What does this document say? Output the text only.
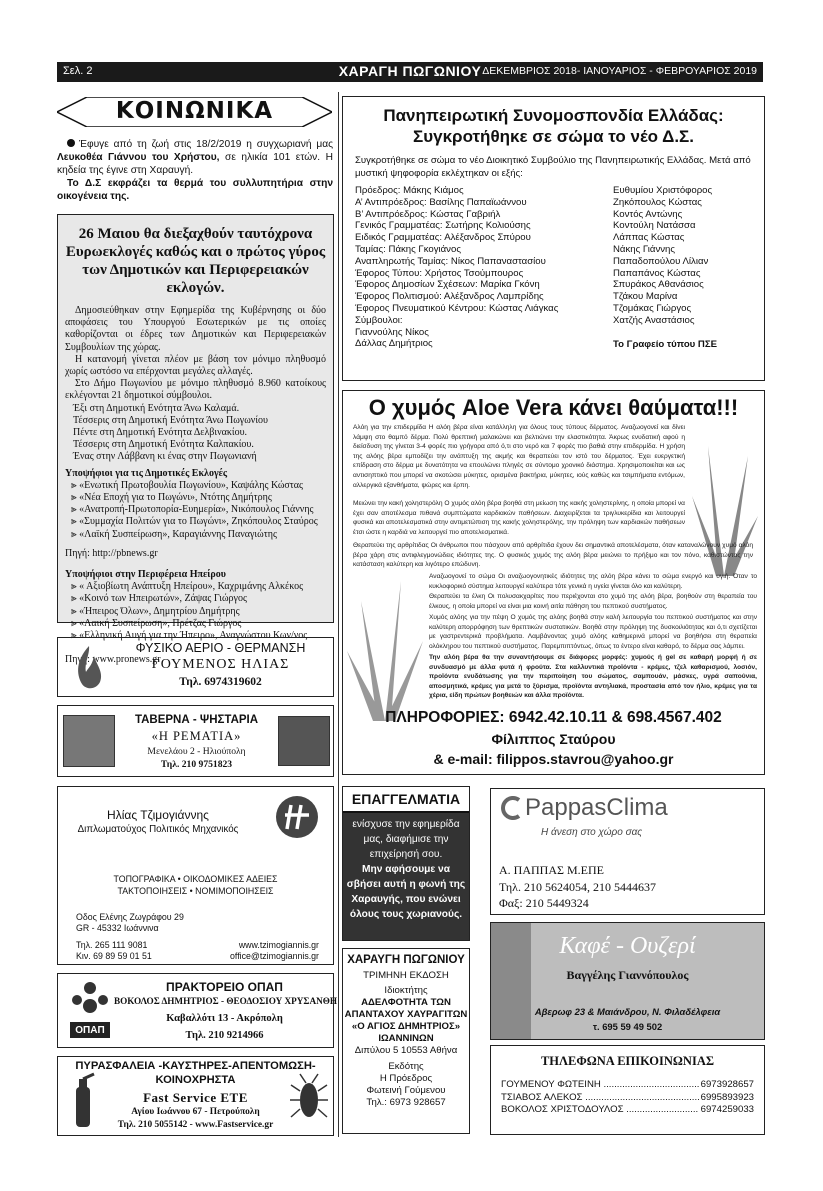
Σελ. 2	ΧΑΡΑΓΗ ΠΩΓΩΝΙΟΥ ΔΕΚΕΜΒΡΙΟΣ 2018- ΙΑΝΟΥΑΡΙΟΣ - ΦΕΒΡΟΥΑΡΙΟΣ 2019
ΚΟΙΝΩΝΙΚΑ

Έφυγε από τη ζωή στις 18/2/2019 η συγχωριανή μας Λευκοθέα Γιάννου του Χρήστου, σε ηλικία 101 ετών. Η κηδεία της έγινε στη Χαραυγή.

Το Δ.Σ εκφράζει τα θερμά του συλλυπητήρια στην οικογένεια της.

26 Μαιου θα διεξαχθούν ταυτόχρονα Ευρωεκλογές καθώς και ο πρώτος γύρος των Δημοτικών και Περιφερειακών εκλογών.

Δημοσιεύθηκαν στην Εφημερίδα της Κυβέρνησης οι δύο αποφάσεις του Υπουργού Εσωτερικών με τις οποίες καθορίζονται οι έδρες των Δημοτικών και Περιφερειακών Συμβουλίων της χώρας.

Η κατανομή γίνεται πλέον με βάση τον μόνιμο πληθυσμό χωρίς ωστόσο να επέρχονται μεγάλες αλλαγές.

Στο Δήμο Πωγωνίου με μόνιμο πληθυσμό 8.960 κατοίκους εκλέγονται 21 δημοτικοί σύμβουλοι.

Έξι στη Δημοτική Ενότητα Άνω Καλαμά.
Τέσσερις στη Δημοτική Ενότητα Άνω Πωγωνίου
Πέντε στη Δημοτική Ενότητα Δελβινακίου.
Τέσσερις στη Δημοτική Ενότητα Καλπακίου.
Ένας στην Λάββανη κι ένας στην Πωγωνιανή
Υποψήφιοι για τις Δημοτικές Εκλογές
⫸ «Ενωτική Πρωτοβουλία Πωγωνίου», Καψάλης Κώστας
⫸ «Νέα Εποχή για το Πωγώνι», Ντότης Δημήτρης
⫸ «Ανατροπή-Πρωτοπορία-Ευημερία», Νικόπουλος Γιάννης
⫸ «Συμμαχία Πολιτών για το Πωγώνι», Ζηκόπουλος Σταύρος
⫸ «Λαϊκή Συσπείρωση», Καραγιάννης Παναγιώτης
Πηγή: http://pbnews.gr
Υποψήφιοι στην Περιφέρεια Ηπείρου
⫸ « Αξιοβίωτη Ανάπτυξη Ηπείρου», Καχριμάνης Αλκέκος
⫸ «Κοινό των Ηπειρωτών», Ζάψας Γιώργος
⫸ «Ήπειρος Όλων», Δημητρίου Δημήτρης
⫸ «Λαική Συσπείρωση», Πρέτζας Γιώργος
⫸ «Ελληνική Αυγή για την Ήπειρο», Αναγνώστου Κων/νος
Πηγή: www.pronews.gr
ΦΥΣΙΚΟ ΑΕΡΙΟ - ΘΕΡΜΑΝΣΗ
ΓΟΥΜΕΝΟΣ ΗΛΙΑΣ
Τηλ. 6974319602
ΤΑΒΕΡΝΑ - ΨΗΣΤΑΡΙΑ
«Η ΡΕΜΑΤΙΑ»
Μενελάου 2 - Ηλιούπολη
Τηλ. 210 9751823
Ηλίας Τζιμογιάννης
Διπλωματούχος Πολιτικός Μηχανικός
ΤΟΠΟΓΡΑΦΙΚΑ • ΟΙΚΟΔΟΜΙΚΕΣ ΑΔΕΙΕΣ
ΤΑΚΤΟΠΟΙΗΣΕΙΣ • ΝΟΜΙΜΟΠΟΙΗΣΕΙΣ
Οδος Ελένης Ζωγράφου 29
GR - 45332 Ιωάννινα
Τηλ. 265 111 9081
Κιν. 69 89 59 01 51
www.tzimogiannis.gr
office@tzimogiannis.gr
ΟΠΑΠ
ΠΡΑΚΤΟΡΕΙΟ ΟΠΑΠ
ΒΟΚΟΛΟΣ ΔΗΜΗΤΡΙΟΣ - ΘΕΟΔΟΣΙΟΥ ΧΡΥΣΑΝΘΗ
Καβαλλότι 13 - Ακρόπολη
Τηλ. 210 9214966
ΠΥΡΑΣΦΑΛΕΙΑ -ΚΑΥΣΤΗΡΕΣ-ΑΠΕΝΤΟΜΩΣΗ-
ΚΟΙΝΟΧΡΗΣΤΑ
Fast Service ΕΤΕ
Αγίου Ιωάννου 67 - Πετρούπολη
Τηλ. 210 5055142 - www.Fastservice.gr
Πανηπειρωτική Συνομοσπονδία Ελλάδας: Συγκροτήθηκε σε σώμα το νέο Δ.Σ.
Συγκροτήθηκε σε σώμα το νέο Διοικητικό Συμβούλιο της Πανηπειρωτικής Ελλάδας. Μετά από μυστική ψηφοφορία εκλέχτηκαν οι εξής:
Πρόεδρος: Μάκης Κιάμος
Α’ Αντιπρόεδρος: Βασίλης Παπαϊωάννου
Β’ Αντιπρόεδρος: Κώστας Γαβριήλ
Γενικός Γραμματέας: Σωτήρης Κολιούσης
Ειδικός Γραμματέας: Αλέξανδρος Σπύρου
Ταμίας: Πάκης Γκογιάνος
Αναπληρωτής Ταμίας: Νίκος Παπαναστασίου
Έφορος Τύπου: Χρήστος Τσούμπουρος
Έφορος Δημοσίων Σχέσεων: Μαρίκα Γκόνη
Έφορος Πολιτισμού: Αλέξανδρος Λαμπρίδης
Έφορος Πνευματικού Κέντρου: Κώστας Λιάγκας
Σύμβουλοι:
Γιαννούλης Νίκος
Δάλλας Δημήτριος
Ευθυμίου Χριστόφορος
Ζηκόπουλος Κώστας
Κοντός Αντώνης
Κοντούλη Νατάσσα
Λάππας Κώστας
Νάκης Γιάννης
Παπαδοπούλου Λίλιαν
Παπαπάνος Κώστας
Σπυράκος Αθανάσιος
Τζάκου Μαρίνα
Τζομάκας Γιώργος
Χατζής Αναστάσιος
Το Γραφείο τύπου ΠΣΕ
Ο χυμός Aloe Vera κάνει θαύματα!!!
Αλόη για την επιδερμίδα Η αλόη βέρα είναι κατάλληλη για όλους τους τύπους δέρματος. Αναζωογονεί και δίνει λάμψη στο θαμπό δέρμα. Πολύ θρεπτική μαλακώνει και βελτιώνει την ελαστικότητα. Άκρως ενυδατική αφού η διείσδυση της γίνεται 3-4 φορές πιο γρήγορα από ό,τι στο νερό και 7 φορές πιο βαθιά στην επιδερμίδα. Η χρήση της αλόης βέρα εμποδίζει την ανάπτυξη της ακμής και θεραπεύει τον ιστό του δέρματος. Έχει ευεργετική επίδραση στο δέρμα με δυνατότητα να επουλώνει πληγές σε σύντομο χρονικό διάστημα. Χρησιμοποιείται και ως αντισηπτικό που μπορεί να σκοτώσει μύκητες, ορισμένα βακτήρια, μύκητες, ιούς καθώς και τσιμπήματα εντόμων, αλλεργικά εξανθήματα, ψώρες και έρπη.
Μειώνει την κακή χοληστερόλη Ο χυμός αλόη βέρα βοηθά στη μείωση της κακής χοληστερίνης, η οποία μπορεί να έχει σαν αποτέλεσμα πιθανά συμπτώματα καρδιακών παθήσεων. Διαχειρίζεται τα τριγλυκερίδια και λειτουργεί φυσικά και αποτελεσματικά στην αντιμετώπιση της κακής χοληστερόλης, την πρόληψη των καρδιακών παθήσεων έτσι ώστε η καρδιά να λειτουργεί πιο αποτελεσματικά.
Θεραπεύει της αρθρίτιδας Οι άνθρωποι που πάσχουν από αρθρίτιδα έχουν δει σημαντικά αποτελέσματα, όταν καταναλώνουν χυμό αλόη βέρα χάρη στις αντιφλεγμονώδεις ιδιότητες της. Ο φυσικός χυμός της αλόη βέρα μειώνει το πρήξιμο και τον πόνο, καθιστώντας την κατάσταση καλύτερη και λιγότερο επώδυνη.
Αναζωογονεί το σώμα Οι αναζωογονητικές ιδιότητες της αλόη βέρα κάνει το σώμα ενεργό και υγιή. Όταν το κυκλοφορικό σύστημα λειτουργεί καλύτερα τότε γενικά η υγεία γίνεται όλο και καλύτερη.
Θεραπεύει τα έλκη Οι πολυσακχαρίτες που περιέχονται στο χυμό της αλόη βέρα, βοηθούν στη θεραπεία του έλκους, η οποία μπορεί να είναι μια κοινή αιτία πάθηση του πεπτικού συστήματος.
Χυμός αλόης για την πέψη Ο χυμός της αλόης βοηθά στην καλή λειτουργία του πεπτικού συστήματος και στην καλύτερη απορρόφηση των θρεπτικών συστατικών. Βοηθά στην πρόληψη της δυσκοιλιότητας και ό,τι σχετίζεται με γαστρεντερικά προβλήματα. Λαμβάνοντας χυμό αλόης καθημερινά μπορεί να βοηθήσει στη θεραπεία ολόκληρου του πεπτικού συστήματος. Παρεμπιπτόντως, όπως το έντερο είναι καθαρό, το δέρμα σας λάμπει.
Την αλόη βέρα θα την συναντήσουμε σε διάφορες μορφές: χυμούς ή gel σε καθαρή μορφή ή σε συνδυασμό με άλλα φυτά ή φρούτα. Στα καλλυντικά προϊόντα - κρέμες, τζελ καθαρισμού, λοσιόν, προϊόντα ενυδάτωσης για την περιποίηση του σώματος, σαμπουάν, μάσκες, υγρά σαπούνια, αποσμητικά, κρέμες για μετά το ξύρισμα, προϊόντα αντηλιακά, προστασία από τον ήλιο, κρέμες για τα χέρια, είδη πρώτων βοηθειών και άλλα προϊόντα.
ΠΛΗΡΟΦΟΡΙΕΣ: 6942.42.10.11 & 698.4567.402
Φίλιππος Σταύρου
& e-mail: filippos.stavrou@yahoo.gr
ΕΠΑΓΓΕΛΜΑΤΙΑ
ενίσχυσε την εφημερίδα μας, διαφήμισε την επιχείρησή σου.
Μην αφήσουμε να σβήσει αυτή η φωνή της Χαραυγής, που ενώνει όλους τους χωριανούς.
ΧΑΡΑΥΓΗ ΠΩΓΩΝΙΟΥ
ΤΡΙΜΗΝΗ ΕΚΔΟΣΗ
Ιδιοκτήτης
ΑΔΕΛΦΟΤΗΤΑ ΤΩΝ ΑΠΑΝΤΑΧΟΥ ΧΑΥΡΑΓΙΤΩΝ «Ο ΑΓΙΟΣ ΔΗΜΗΤΡΙΟΣ» ΙΩΑΝΝΙΝΩΝ
Διπύλου 5 10553 Αθήνα
Εκδότης
Η Πρόεδρος
Φωτεινή Γούμενου
Τηλ.: 6973 928657
PappasClima
Η άνεση στο χώρο σας
Α. ΠΑΠΠΑΣ Μ.ΕΠΕ
Τηλ. 210 5624054, 210 5444637
Φαξ: 210 5449324
Καφέ - Ουζερί
Βαγγέλης Γιαννόπουλος
Αβερωφ 23 & Μαιάνδρου, Ν. Φιλαδέλφεια
τ. 695 59 49 502
ΤΗΛΕΦΩΝΑ ΕΠΙΚΟΙΝΩΝΙΑΣ
ΓΟΥΜΕΝΟΥ ΦΩΤΕΙΝΗ .....	6973928657
ΤΣΙΑΒΟΣ ΑΛΕΚΟΣ .....	6995893923
ΒΟΚΟΛΟΣ ΧΡΙΣΤΟΔΟΥΛΟΣ .....	6974259033
